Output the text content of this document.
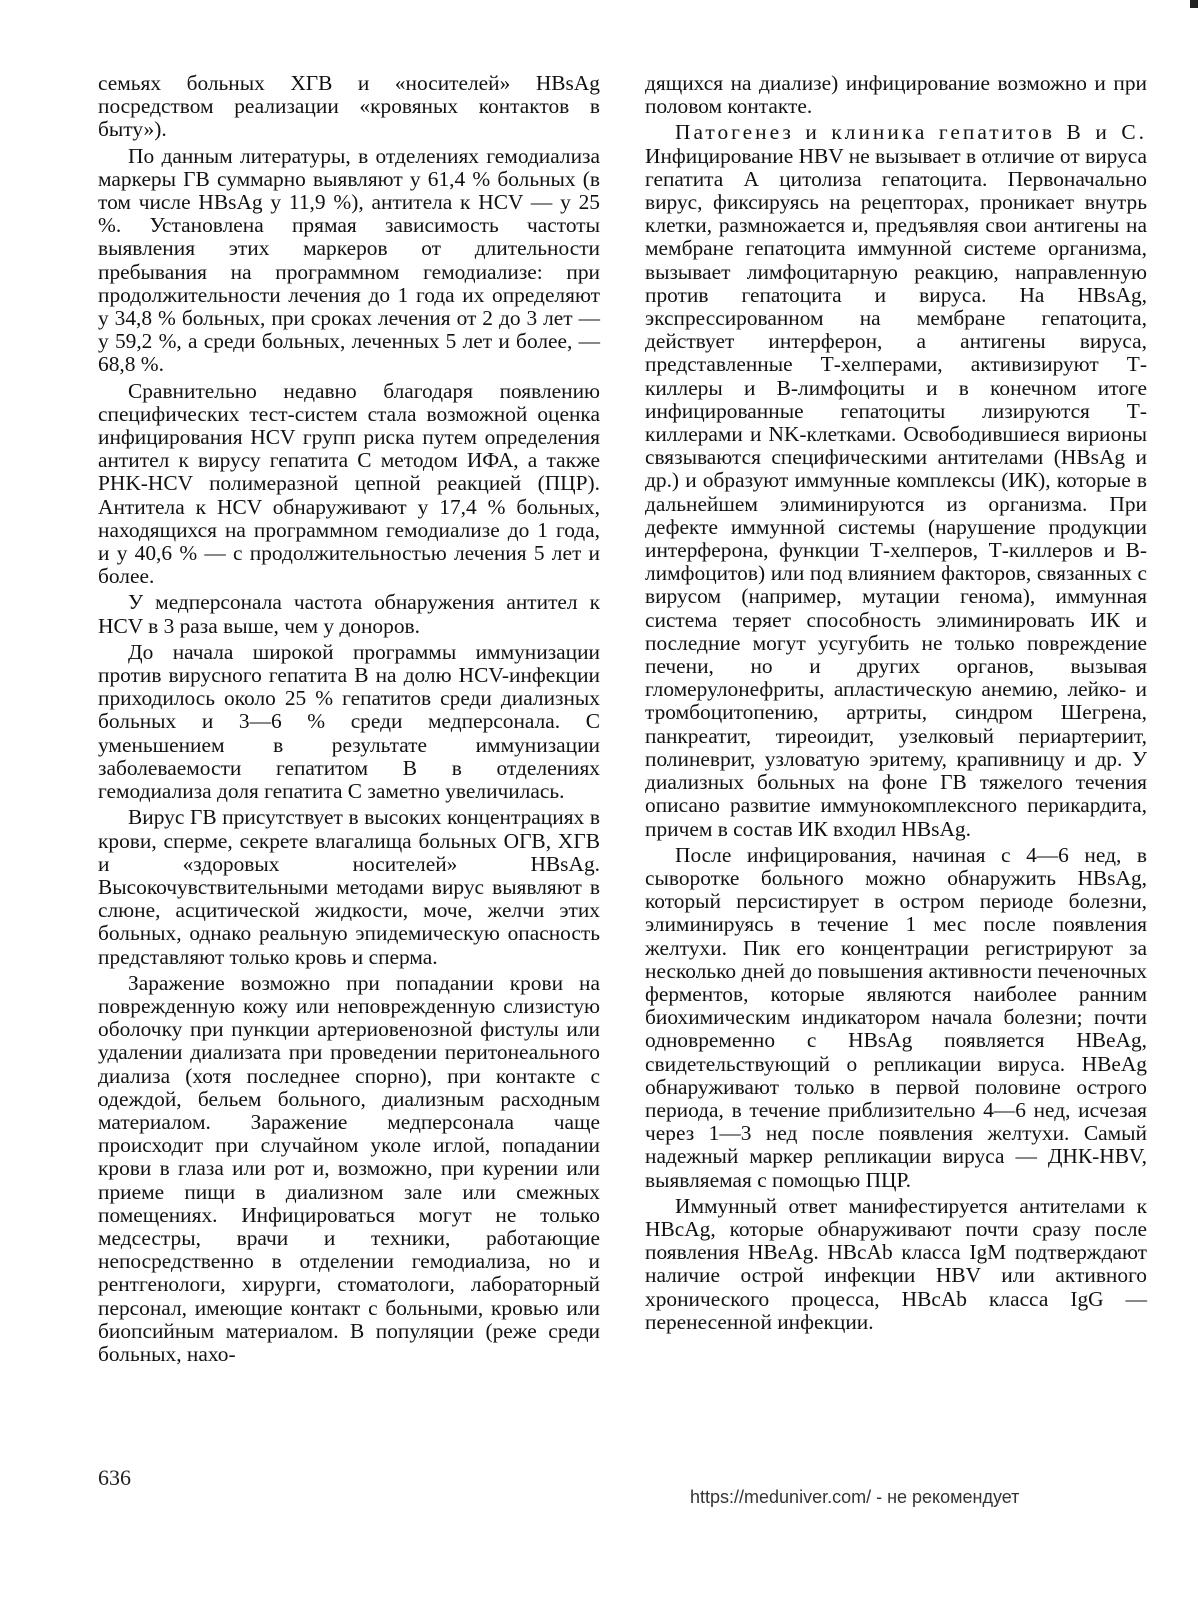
семьях больных ХГВ и «носителей» HBsAg посредством реализации «кровяных контактов в быту»).

По данным литературы, в отделениях гемодиализа маркеры ГВ суммарно выявляют у 61,4 % больных (в том числе HBsAg у 11,9 %), антитела к HCV — у 25 %. Установлена прямая зависимость частоты выявления этих маркеров от длительности пребывания на программном гемодиализе: при продолжительности лечения до 1 года их определяют у 34,8 % больных, при сроках лечения от 2 до 3 лет — у 59,2 %, а среди больных, леченных 5 лет и более, — 68,8 %.

Сравнительно недавно благодаря появлению специфических тест-систем стала возможной оценка инфицирования HCV групп риска путем определения антител к вирусу гепатита С методом ИФА, а также PHK-HCV полимеразной цепной реакцией (ПЦР). Антитела к HCV обнаруживают у 17,4 % больных, находящихся на программном гемодиализе до 1 года, и у 40,6 % — с продолжительностью лечения 5 лет и более.

У медперсонала частота обнаружения антител к HCV в 3 раза выше, чем у доноров.

До начала широкой программы иммунизации против вирусного гепатита В на долю HCV-инфекции приходилось около 25 % гепатитов среди диализных больных и 3—6 % среди медперсонала. С уменьшением в результате иммунизации заболеваемости гепатитом В в отделениях гемодиализа доля гепатита С заметно увеличилась.

Вирус ГВ присутствует в высоких концентрациях в крови, сперме, секрете влагалища больных ОГВ, ХГВ и «здоровых носителей» HBsAg. Высокочувствительными методами вирус выявляют в слюне, асцитической жидкости, моче, желчи этих больных, однако реальную эпидемическую опасность представляют только кровь и сперма.

Заражение возможно при попадании крови на поврежденную кожу или неповрежденную слизистую оболочку при пункции артериовенозной фистулы или удалении диализата при проведении перитонеального диализа (хотя последнее спорно), при контакте с одеждой, бельем больного, диализным расходным материалом. Заражение медперсонала чаще происходит при случайном уколе иглой, попадании крови в глаза или рот и, возможно, при курении или приеме пищи в диализном зале или смежных помещениях. Инфицироваться могут не только медсестры, врачи и техники, работающие непосредственно в отделении гемодиализа, но и рентгенологи, хирурги, стоматологи, лабораторный персонал, имеющие контакт с больными, кровью или биопсийным материалом. В популяции (реже среди больных, нахо-

дящихся на диализе) инфицирование возможно и при половом контакте.

Патогенез и клиника гепатитов В и С. Инфицирование HBV не вызывает в отличие от вируса гепатита А цитолиза гепатоцита. Первоначально вирус, фиксируясь на рецепторах, проникает внутрь клетки, размножается и, предъявляя свои антигены на мембране гепатоцита иммунной системе организма, вызывает лимфоцитарную реакцию, направленную против гепатоцита и вируса. На HBsAg, экспрессированном на мембране гепатоцита, действует интерферон, а антигены вируса, представленные Т-хелперами, активизируют Т-киллеры и В-лимфоциты и в конечном итоге инфицированные гепатоциты лизируются Т-киллерами и NK-клетками. Освободившиеся вирионы связываются специфическими антителами (HBsAg и др.) и образуют иммунные комплексы (ИК), которые в дальнейшем элиминируются из организма. При дефекте иммунной системы (нарушение продукции интерферона, функции Т-хелперов, Т-киллеров и В-лимфоцитов) или под влиянием факторов, связанных с вирусом (например, мутации генома), иммунная система теряет способность элиминировать ИК и последние могут усугубить не только повреждение печени, но и других органов, вызывая гломерулонефриты, апластическую анемию, лейко- и тромбоцитопению, артриты, синдром Шегрена, панкреатит, тиреоидит, узелковый периартериит, полиневрит, узловатую эритему, крапивницу и др. У диализных больных на фоне ГВ тяжелого течения описано развитие иммунокомплексного перикардита, причем в состав ИК входил HBsAg.

После инфицирования, начиная с 4—6 нед, в сыворотке больного можно обнаружить HBsAg, который персистирует в остром периоде болезни, элиминируясь в течение 1 мес после появления желтухи. Пик его концентрации регистрируют за несколько дней до повышения активности печеночных ферментов, которые являются наиболее ранним биохимическим индикатором начала болезни; почти одновременно с HBsAg появляется HBeAg, свидетельствующий о репликации вируса. HBeAg обнаруживают только в первой половине острого периода, в течение приблизительно 4—6 нед, исчезая через 1—3 нед после появления желтухи. Самый надежный маркер репликации вируса — ДНК-HBV, выявляемая с помощью ПЦР.

Иммунный ответ манифестируется антителами к HBcAg, которые обнаруживают почти сразу после появления HBeAg. HBcAb класса IgM подтверждают наличие острой инфекции HBV или активного хронического процесса, HBcAb класса IgG — перенесенной инфекции.

636
https://meduniver.com/ - не рекомендует
